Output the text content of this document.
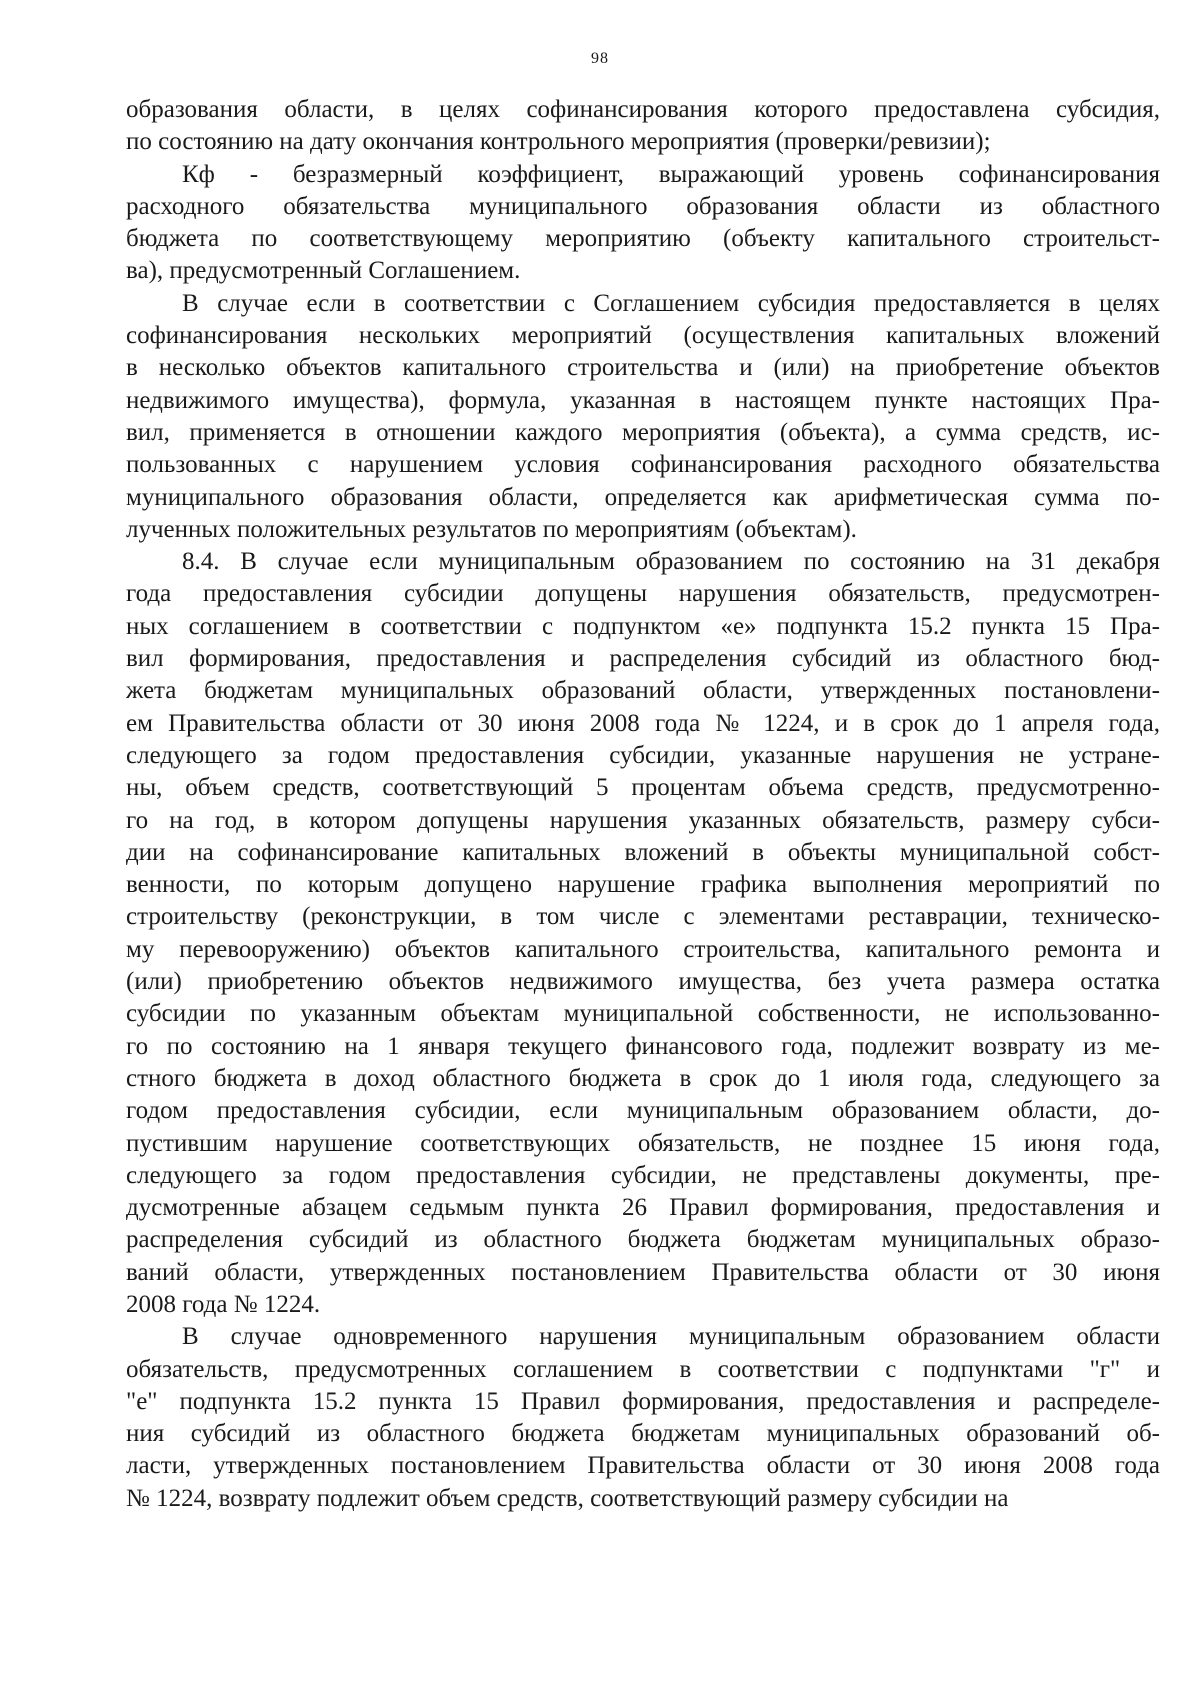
98
образования области, в целях софинансирования которого предоставлена субсидия,
по состоянию на дату окончания контрольного мероприятия (проверки/ревизии);
Кф - безразмерный коэффициент, выражающий уровень софинансирования
расходного обязательства муниципального образования области из областного
бюджета по соответствующему мероприятию (объекту капитального строительст-
ва), предусмотренный Соглашением.
В случае если в соответствии с Соглашением субсидия предоставляется в целях
софинансирования нескольких мероприятий (осуществления капитальных вложений
в несколько объектов капитального строительства и (или) на приобретение объектов
недвижимого имущества), формула, указанная в настоящем пункте настоящих Пра-
вил, применяется в отношении каждого мероприятия (объекта), а сумма средств, ис-
пользованных с нарушением условия софинансирования расходного обязательства
муниципального образования области, определяется как арифметическая сумма по-
лученных положительных результатов по мероприятиям (объектам).
8.4. В случае если муниципальным образованием по состоянию на 31 декабря
года предоставления субсидии допущены нарушения обязательств, предусмотрен-
ных соглашением в соответствии с подпунктом «е» подпункта 15.2 пункта 15 Пра-
вил формирования, предоставления и распределения субсидий из областного бюд-
жета бюджетам муниципальных образований области, утвержденных постановлени-
ем Правительства области от 30 июня 2008 года № 1224, и в срок до 1 апреля года,
следующего за годом предоставления субсидии, указанные нарушения не устране-
ны, объем средств, соответствующий 5 процентам объема средств, предусмотренно-
го на год, в котором допущены нарушения указанных обязательств, размеру субси-
дии на софинансирование капитальных вложений в объекты муниципальной собст-
венности, по которым допущено нарушение графика выполнения мероприятий по
строительству (реконструкции, в том числе с элементами реставрации, техническо-
му перевооружению) объектов капитального строительства, капитального ремонта и
(или) приобретению объектов недвижимого имущества, без учета размера остатка
субсидии по указанным объектам муниципальной собственности, не использованно-
го по состоянию на 1 января текущего финансового года, подлежит возврату из ме-
стного бюджета в доход областного бюджета в срок до 1 июля года, следующего за
годом предоставления субсидии, если муниципальным образованием области, до-
пустившим нарушение соответствующих обязательств, не позднее 15 июня года,
следующего за годом предоставления субсидии, не представлены документы, пре-
дусмотренные абзацем седьмым пункта 26 Правил формирования, предоставления и
распределения субсидий из областного бюджета бюджетам муниципальных образо-
ваний области, утвержденных постановлением Правительства области от 30 июня
2008 года № 1224.
В случае одновременного нарушения муниципальным образованием области
обязательств, предусмотренных соглашением в соответствии с подпунктами "г" и
"е" подпункта 15.2 пункта 15 Правил формирования, предоставления и распределе-
ния субсидий из областного бюджета бюджетам муниципальных образований об-
ласти, утвержденных постановлением Правительства области от 30 июня 2008 года
№ 1224, возврату подлежит объем средств, соответствующий размеру субсидии на
